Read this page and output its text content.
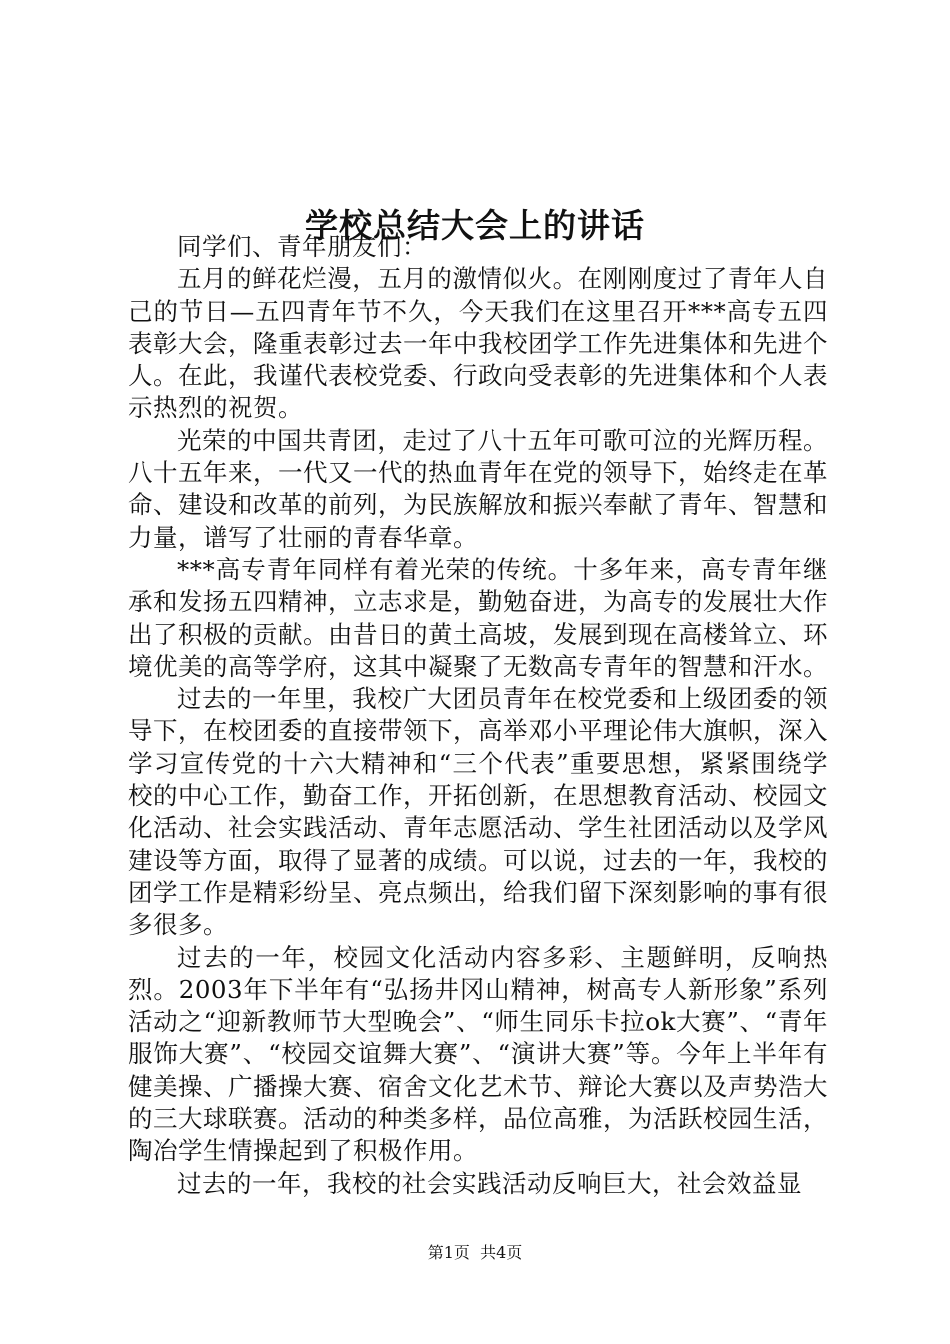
学校总结大会上的讲话

同学们、青年朋友们：

五月的鲜花烂漫，五月的激情似火。在刚刚度过了青年人自己的节日—五四青年节不久，今天我们在这里召开***高专五四表彰大会，隆重表彰过去一年中我校团学工作先进集体和先进个人。在此，我谨代表校党委、行政向受表彰的先进集体和个人表示热烈的祝贺。

光荣的中国共青团，走过了八十五年可歌可泣的光辉历程。八十五年来，一代又一代的热血青年在党的领导下，始终走在革命、建设和改革的前列，为民族解放和振兴奉献了青年、智慧和力量，谱写了壮丽的青春华章。

***高专青年同样有着光荣的传统。十多年来，高专青年继承和发扬五四精神，立志求是，勤勉奋进，为高专的发展壮大作出了积极的贡献。由昔日的黄土高坡，发展到现在高楼耸立、环境优美的高等学府，这其中凝聚了无数高专青年的智慧和汗水。

过去的一年里，我校广大团员青年在校党委和上级团委的领导下，在校团委的直接带领下，高举邓小平理论伟大旗帜，深入学习宣传党的十六大精神和“三个代表”重要思想，紧紧围绕学校的中心工作，勤奋工作，开拓创新，在思想教育活动、校园文化活动、社会实践活动、青年志愿活动、学生社团活动以及学风建设等方面，取得了显著的成绩。可以说，过去的一年，我校的团学工作是精彩纷呈、亮点频出，给我们留下深刻影响的事有很多很多。

过去的一年，校园文化活动内容多彩、主题鲜明，反响热烈。2003年下半年有“弘扬井冈山精神，树高专人新形象”系列活动之“迎新教师节大型晚会”、“师生同乐卡拉ok大赛”、“青年服饰大赛”、“校园交谊舞大赛”、“演讲大赛”等。今年上半年有健美操、广播操大赛、宿舍文化艺术节、辩论大赛以及声势浩大的三大球联赛。活动的种类多样，品位高雅，为活跃校园生活，陶冶学生情操起到了积极作用。

过去的一年，我校的社会实践活动反响巨大，社会效益显

第1页  共4页
